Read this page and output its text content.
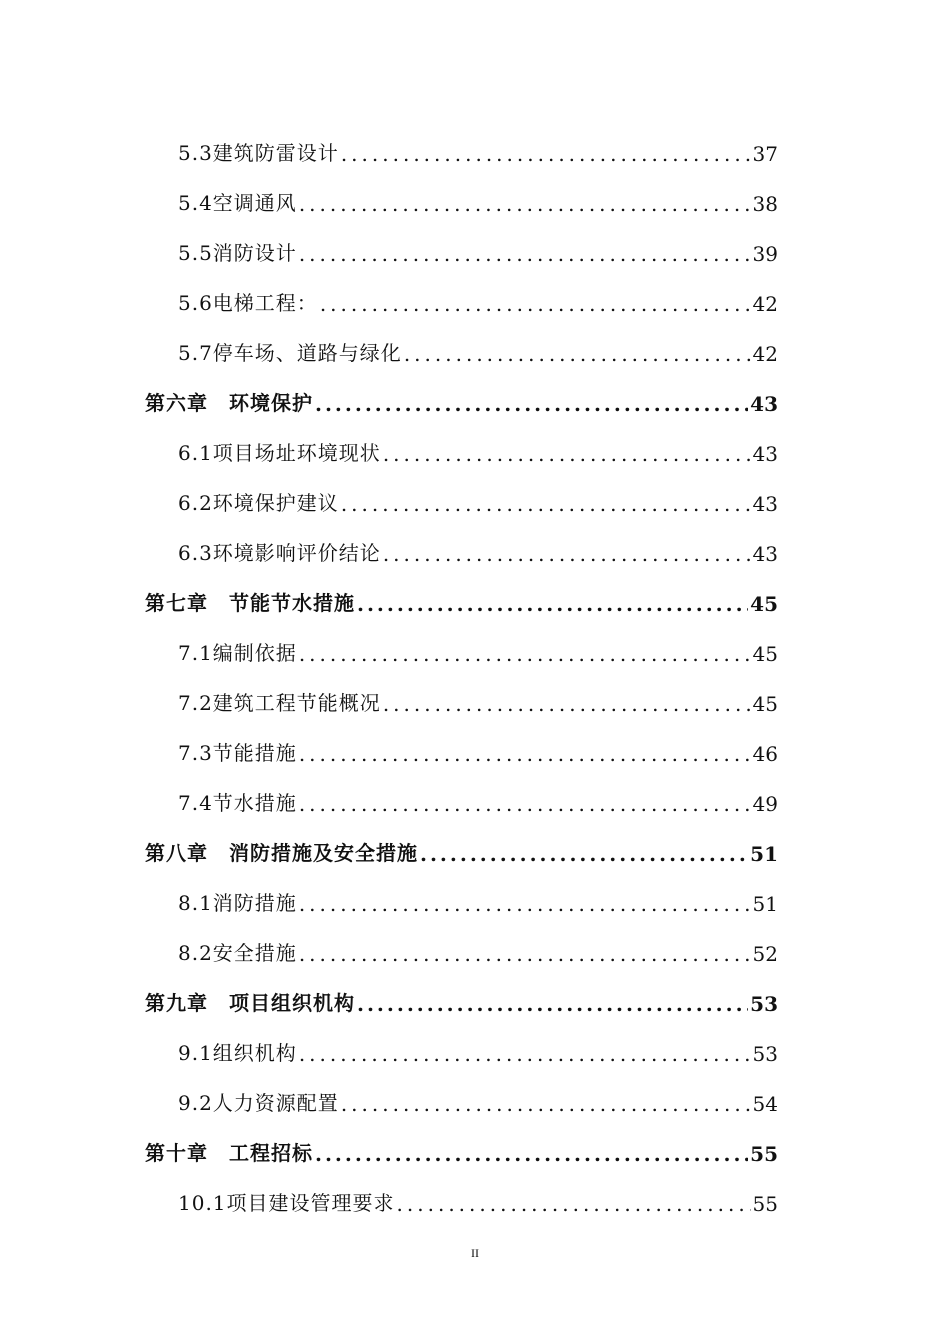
5.3建筑防雷设计 .....	37
5.4空调通风 .....	38
5.5消防设计 .....	39
5.6电梯工程： .....	42
5.7停车场、道路与绿化 .....	42
第六章　环境保护 .....	43
6.1项目场址环境现状 .....	43
6.2环境保护建议 .....	43
6.3环境影响评价结论 .....	43
第七章　节能节水措施 .....	45
7.1编制依据 .....	45
7.2建筑工程节能概况 .....	45
7.3节能措施 .....	46
7.4节水措施 .....	49
第八章　消防措施及安全措施 .....	51
8.1消防措施 .....	51
8.2安全措施 .....	52
第九章　项目组织机构 .....	53
9.1组织机构 .....	53
9.2人力资源配置 .....	54
第十章　工程招标 .....	55
10.1项目建设管理要求 .....	55
II
